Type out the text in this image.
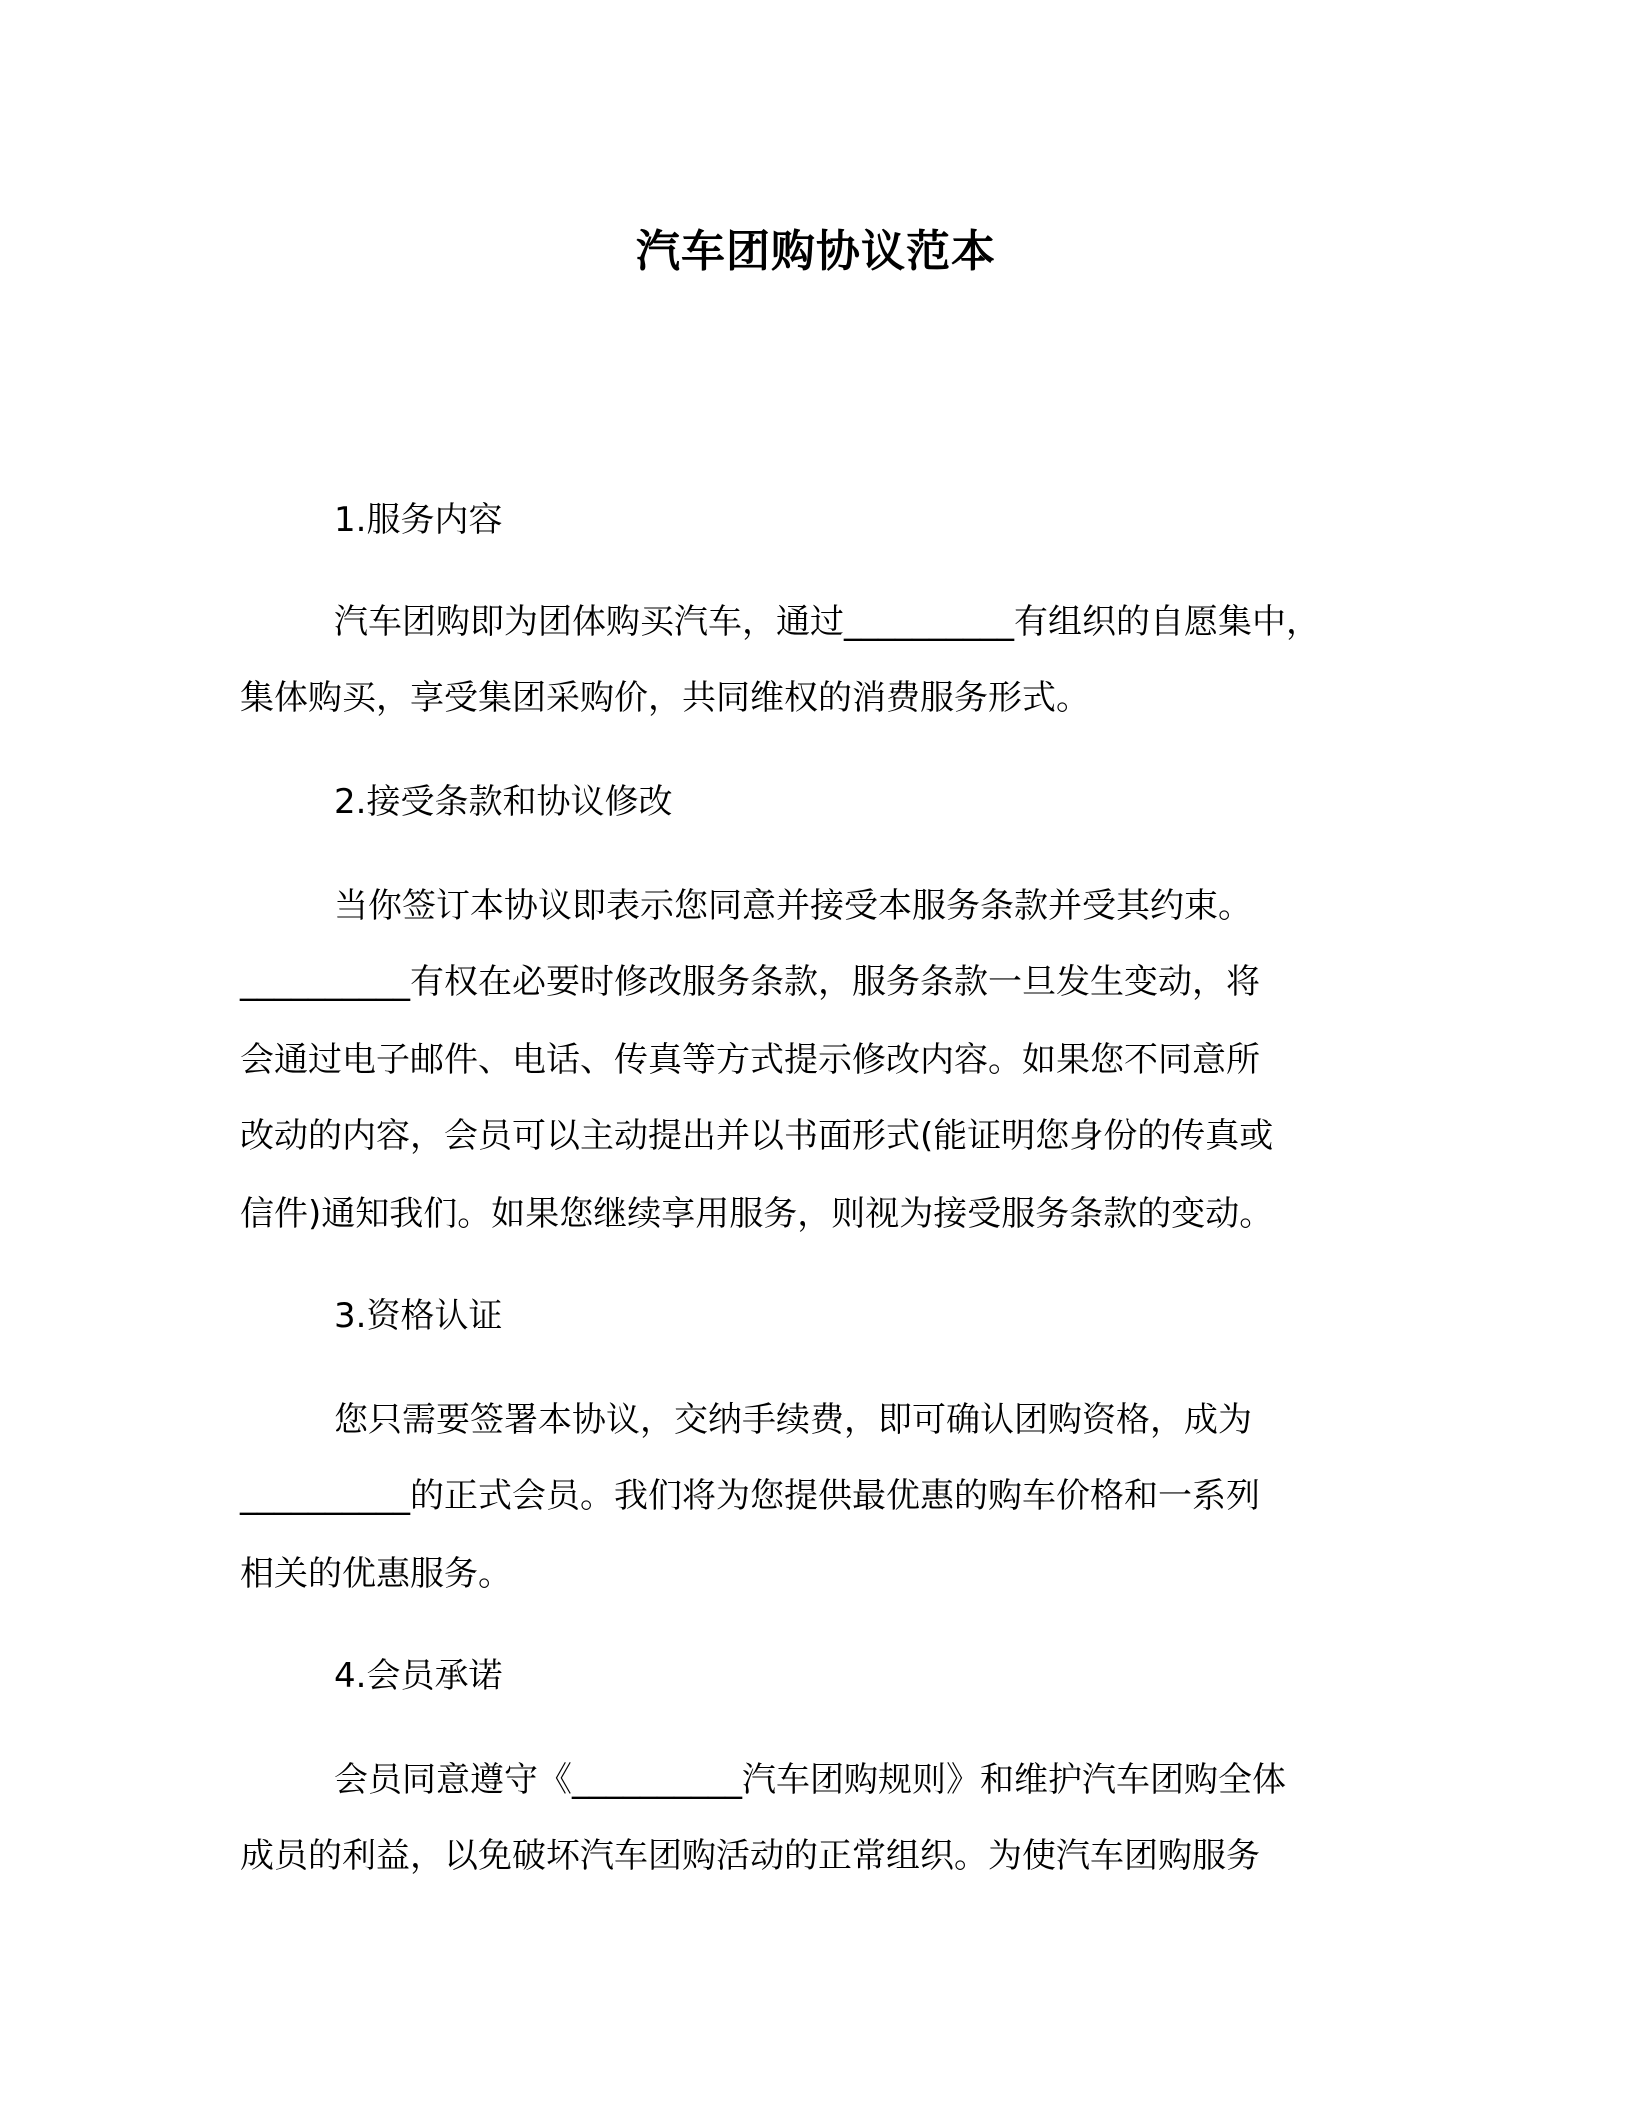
汽车团购协议范本
1.服务内容
汽车团购即为团体购买汽车，通过__________有组织的自愿集中，
集体购买，享受集团采购价，共同维权的消费服务形式。
2.接受条款和协议修改
当你签订本协议即表示您同意并接受本服务条款并受其约束。
__________有权在必要时修改服务条款，服务条款一旦发生变动，将
会通过电子邮件、电话、传真等方式提示修改内容。如果您不同意所
改动的内容，会员可以主动提出并以书面形式(能证明您身份的传真或
信件)通知我们。如果您继续享用服务，则视为接受服务条款的变动。
3.资格认证
您只需要签署本协议，交纳手续费，即可确认团购资格，成为
__________的正式会员。我们将为您提供最优惠的购车价格和一系列
相关的优惠服务。
4.会员承诺
会员同意遵守《__________汽车团购规则》和维护汽车团购全体
成员的利益，以免破坏汽车团购活动的正常组织。为使汽车团购服务
